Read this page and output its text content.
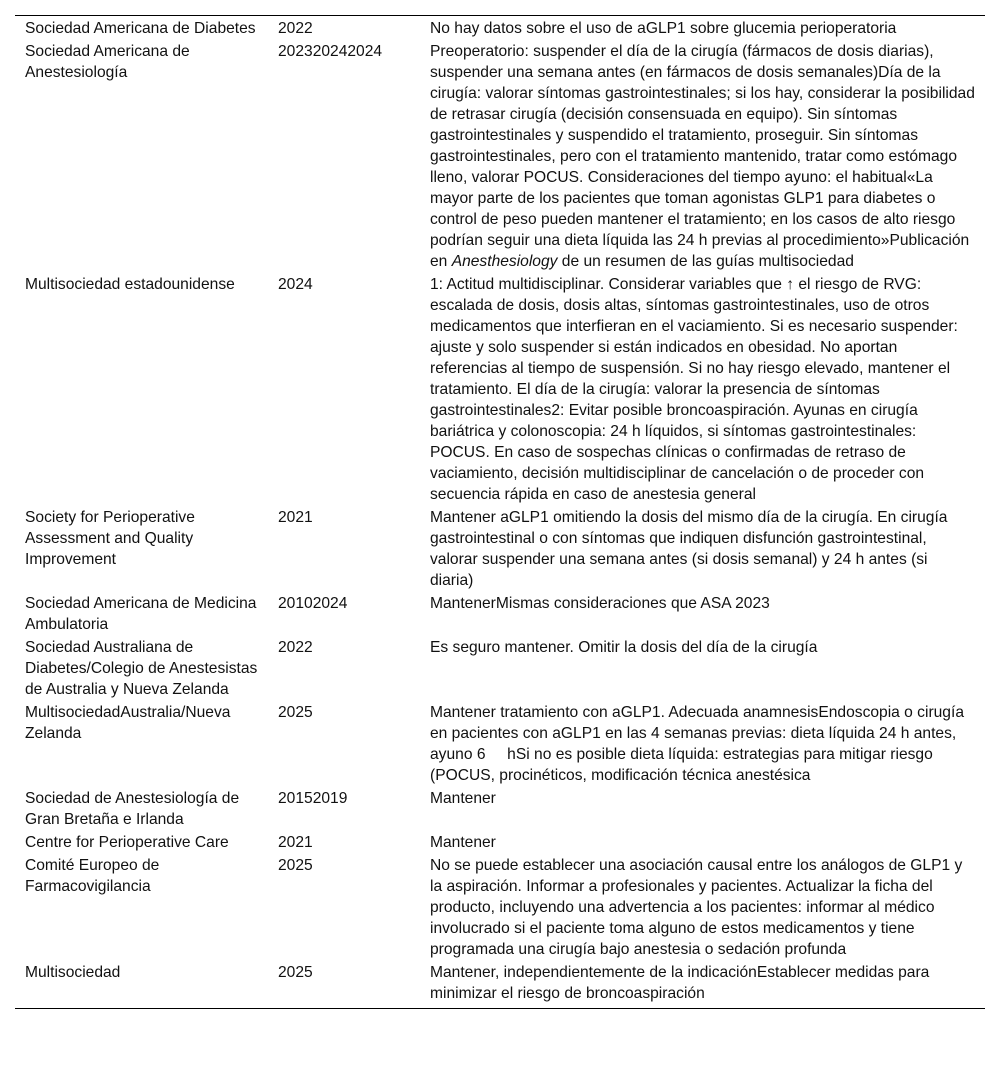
Sociedad Americana de Diabetes	2022	No hay datos sobre el uso de aGLP1 sobre glucemia perioperatoria
Sociedad Americana de Anestesiología	202320242024	Preoperatorio: suspender el día de la cirugía (fármacos de dosis diarias), suspender una semana antes (en fármacos de dosis semanales)Día de la cirugía: valorar síntomas gastrointestinales; si los hay, considerar la posibilidad de retrasar cirugía (decisión consensuada en equipo). Sin síntomas gastrointestinales y suspendido el tratamiento, proseguir. Sin síntomas gastrointestinales, pero con el tratamiento mantenido, tratar como estómago lleno, valorar POCUS. Consideraciones del tiempo ayuno: el habitual«La mayor parte de los pacientes que toman agonistas GLP1 para diabetes o control de peso pueden mantener el tratamiento; en los casos de alto riesgo podrían seguir una dieta líquida las 24 h previas al procedimiento»Publicación en Anesthesiology de un resumen de las guías multisociedad
Multisociedad estadounidense	2024	1: Actitud multidisciplinar. Considerar variables que ↑ el riesgo de RVG: escalada de dosis, dosis altas, síntomas gastrointestinales, uso de otros medicamentos que interfieran en el vaciamiento. Si es necesario suspender: ajuste y solo suspender si están indicados en obesidad. No aportan referencias al tiempo de suspensión. Si no hay riesgo elevado, mantener el tratamiento. El día de la cirugía: valorar la presencia de síntomas gastrointestinales2: Evitar posible broncoaspiración. Ayunas en cirugía bariátrica y colonoscopia: 24 h líquidos, si síntomas gastrointestinales: POCUS. En caso de sospechas clínicas o confirmadas de retraso de vaciamiento, decisión multidisciplinar de cancelación o de proceder con secuencia rápida en caso de anestesia general
Society for Perioperative Assessment and Quality Improvement	2021	Mantener aGLP1 omitiendo la dosis del mismo día de la cirugía. En cirugía gastrointestinal o con síntomas que indiquen disfunción gastrointestinal, valorar suspender una semana antes (si dosis semanal) y 24 h antes (si diaria)
Sociedad Americana de Medicina Ambulatoria	20102024	MantenerMismas consideraciones que ASA 2023
Sociedad Australiana de Diabetes/Colegio de Anestesistas de Australia y Nueva Zelanda	2022	Es seguro mantener. Omitir la dosis del día de la cirugía
MultisociedadAustralia/Nueva Zelanda	2025	Mantener tratamiento con aGLP1. Adecuada anamnesisEndoscopia o cirugía en pacientes con aGLP1 en las 4 semanas previas: dieta líquida 24 h antes, ayuno 6     hSi no es posible dieta líquida: estrategias para mitigar riesgo (POCUS, procinéticos, modificación técnica anestésica
Sociedad de Anestesiología de Gran Bretaña e Irlanda	20152019	Mantener
Centre for Perioperative Care	2021	Mantener
Comité Europeo de Farmacovigilancia	2025	No se puede establecer una asociación causal entre los análogos de GLP1 y la aspiración. Informar a profesionales y pacientes. Actualizar la ficha del producto, incluyendo una advertencia a los pacientes: informar al médico involucrado si el paciente toma alguno de estos medicamentos y tiene programada una cirugía bajo anestesia o sedación profunda
Multisociedad	2025	Mantener, independientemente de la indicaciónEstablecer medidas para minimizar el riesgo de broncoaspiración
